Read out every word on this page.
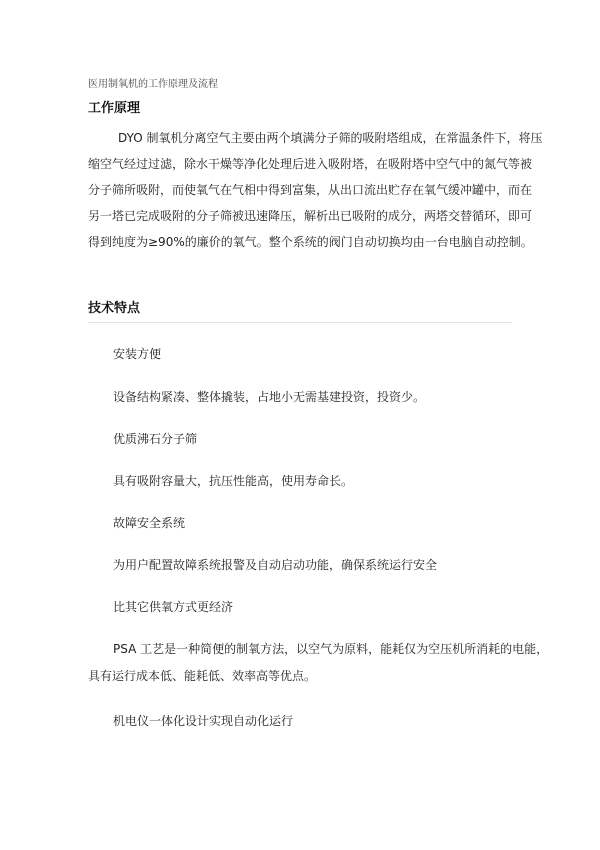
医用制氧机的工作原理及流程
工作原理
DYO 制氧机分离空气主要由两个填满分子筛的吸附塔组成，在常温条件下，将压
缩空气经过过滤，除水干燥等净化处理后进入吸附塔，在吸附塔中空气中的氮气等被
分子筛所吸附，而使氧气在气相中得到富集，从出口流出贮存在氧气缓冲罐中，而在
另一塔已完成吸附的分子筛被迅速降压，解析出已吸附的成分，两塔交替循环，即可
得到纯度为≥90%的廉价的氧气。整个系统的阀门自动切换均由一台电脑自动控制。
技术特点
安装方便
设备结构紧凑、整体撬装，占地小无需基建投资，投资少。
优质沸石分子筛
具有吸附容量大，抗压性能高，使用寿命长。
故障安全系统
为用户配置故障系统报警及自动启动功能，确保系统运行安全
比其它供氧方式更经济
PSA 工艺是一种简便的制氧方法，以空气为原料，能耗仅为空压机所消耗的电能，
具有运行成本低、能耗低、效率高等优点。
机电仪一体化设计实现自动化运行
